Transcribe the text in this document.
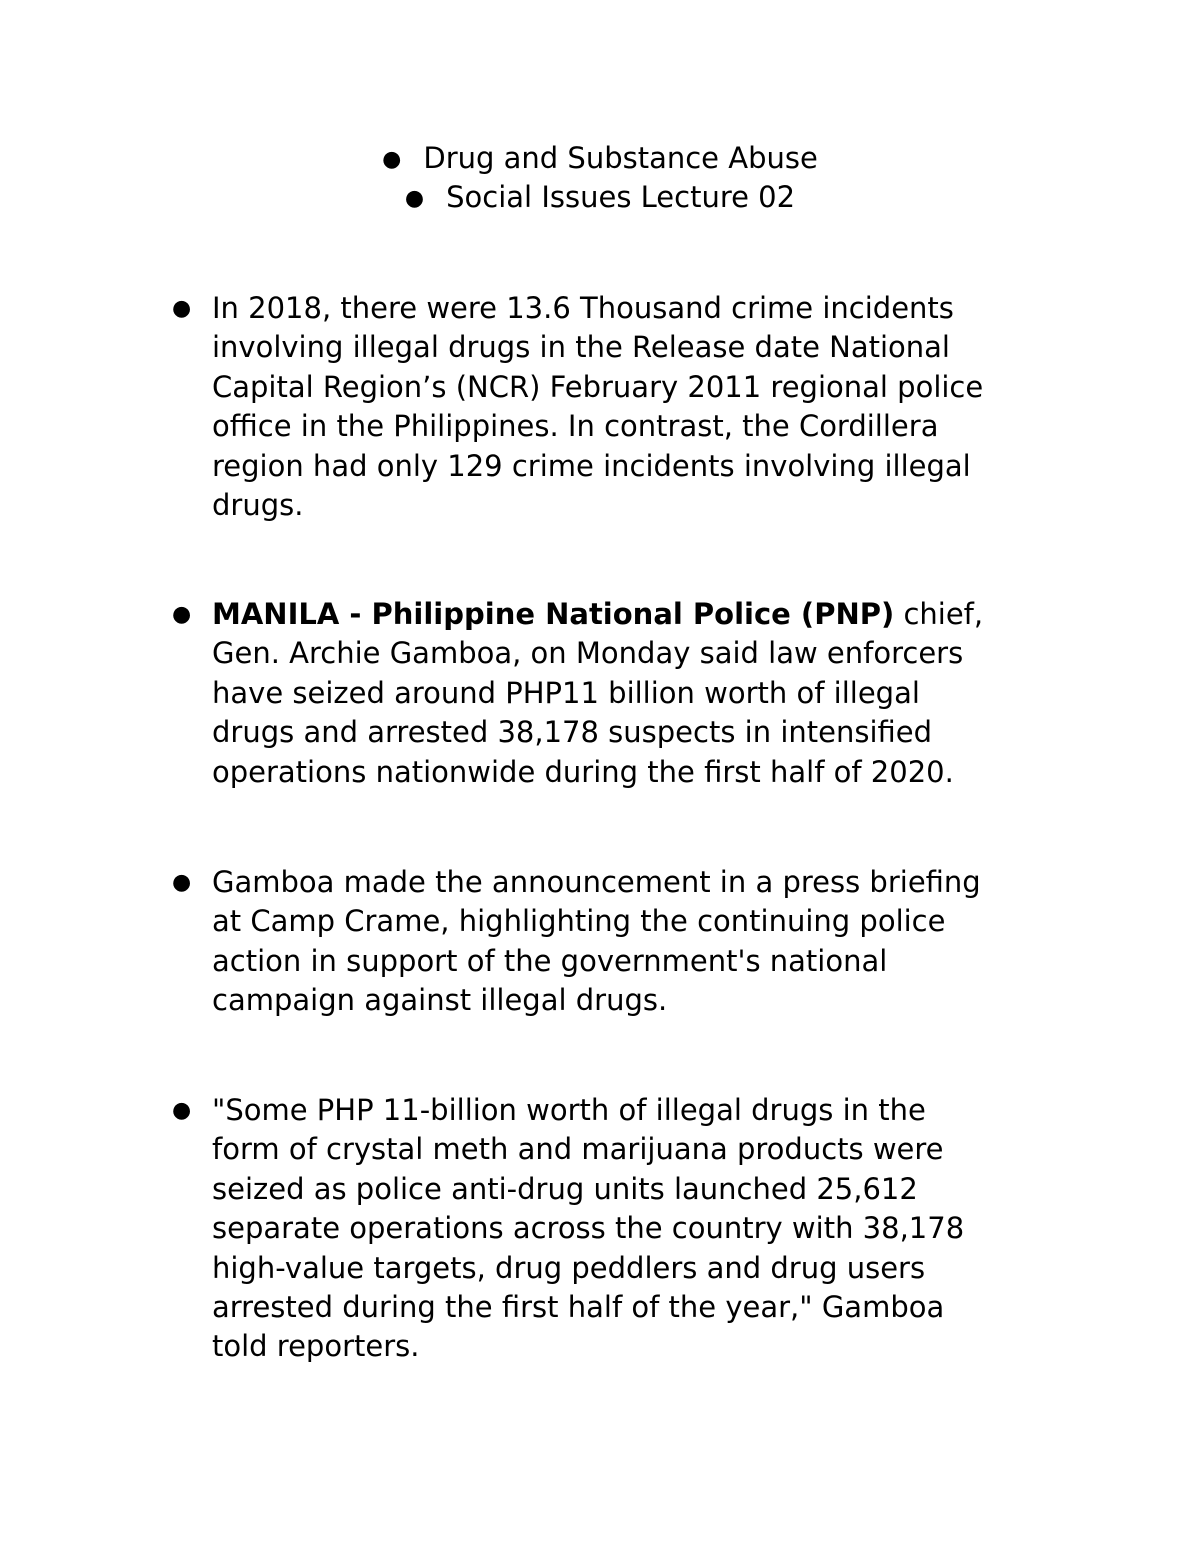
● Drug and Substance Abuse
● Social Issues Lecture 02
● In 2018, there were 13.6 Thousand crime incidents
involving illegal drugs in the Release date National
Capital Region’s (NCR) February 2011 regional police
office in the Philippines. In contrast, the Cordillera
region had only 129 crime incidents involving illegal
drugs.
● MANILA - Philippine National Police (PNP) chief,
Gen. Archie Gamboa, on Monday said law enforcers
have seized around PHP11 billion worth of illegal
drugs and arrested 38,178 suspects in intensified
operations nationwide during the first half of 2020.
● Gamboa made the announcement in a press briefing
at Camp Crame, highlighting the continuing police
action in support of the government's national
campaign against illegal drugs.
● "Some PHP 11-billion worth of illegal drugs in the
form of crystal meth and marijuana products were
seized as police anti-drug units launched 25,612
separate operations across the country with 38,178
high-value targets, drug peddlers and drug users
arrested during the first half of the year," Gamboa
told reporters.
